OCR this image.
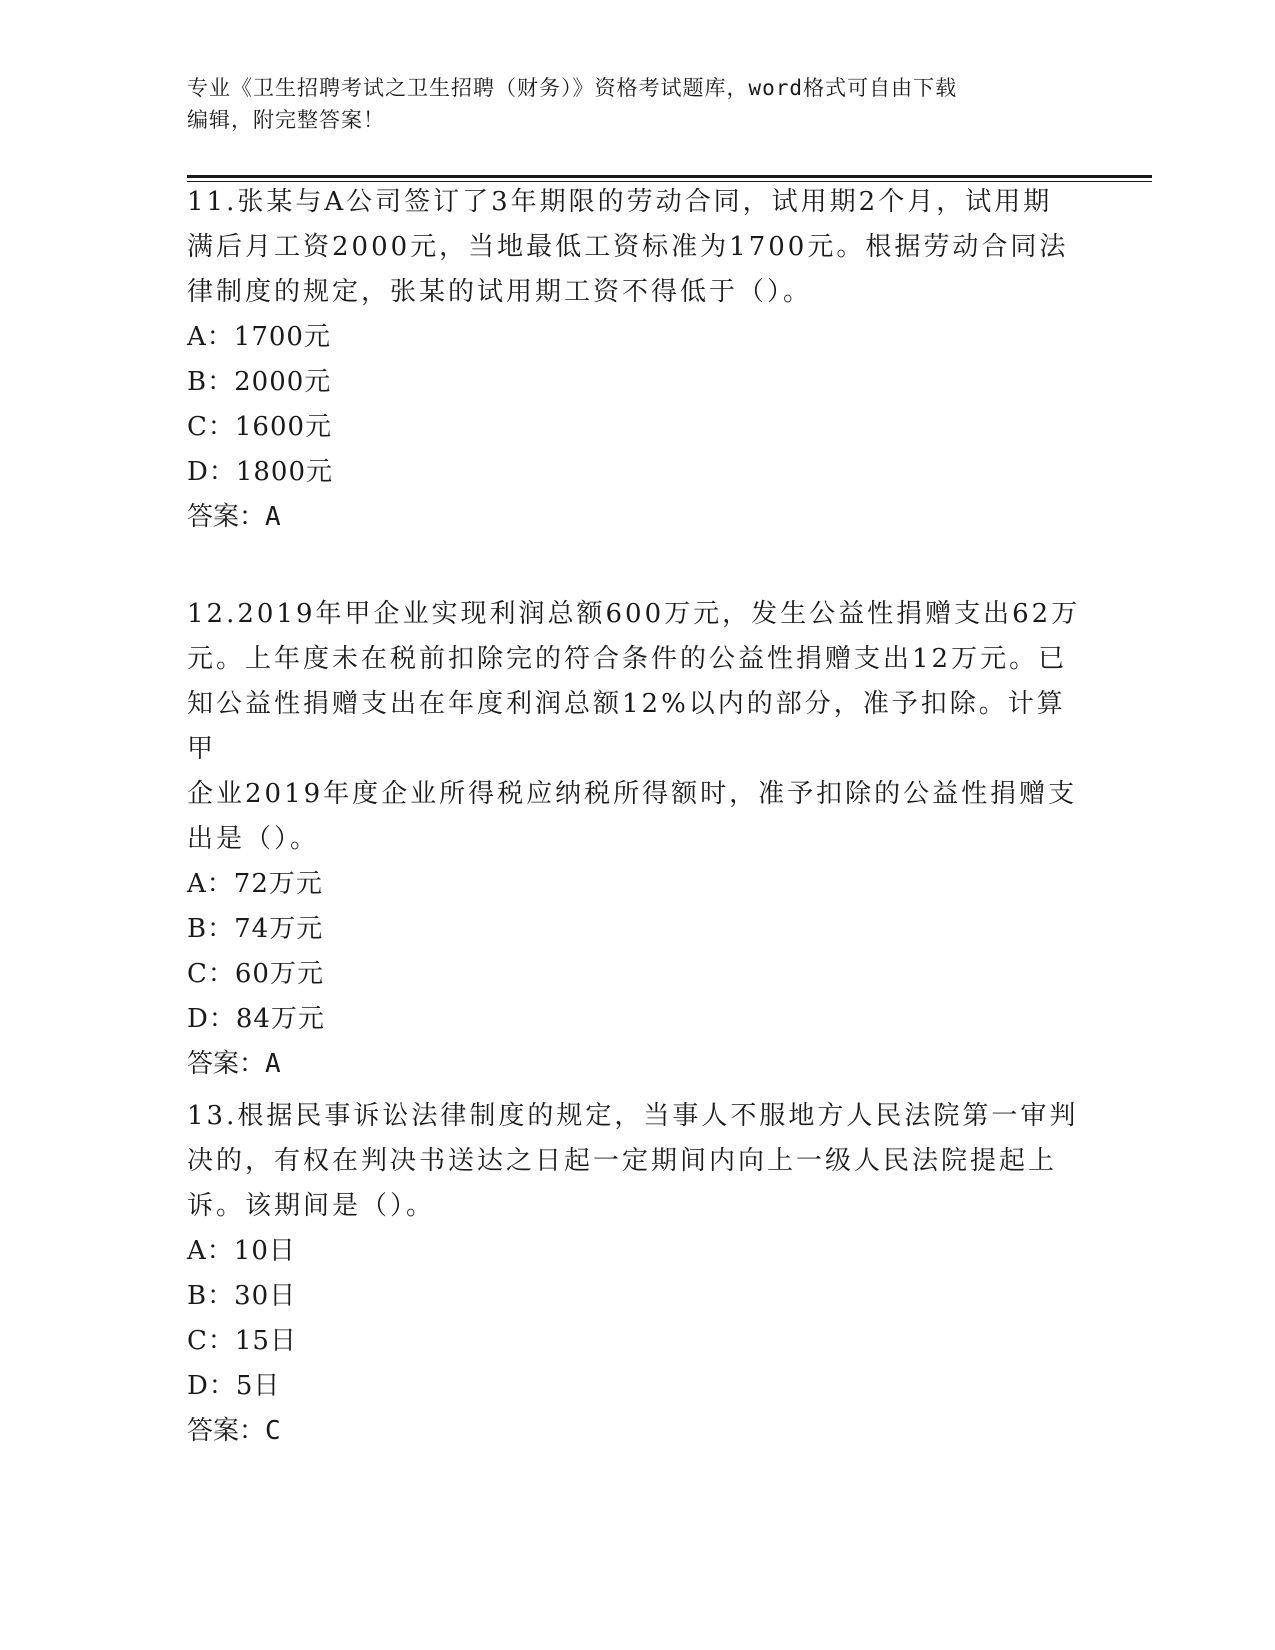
专业《卫生招聘考试之卫生招聘（财务）》资格考试题库，word格式可自由下载
编辑，附完整答案！
11.张某与A公司签订了3年期限的劳动合同，试用期2个月，试用期
满后月工资2000元，当地最低工资标准为1700元。根据劳动合同法
律制度的规定，张某的试用期工资不得低于（）。
A：1700元
B：2000元
C：1600元
D：1800元
答案：A
12.2019年甲企业实现利润总额600万元，发生公益性捐赠支出62万
元。上年度未在税前扣除完的符合条件的公益性捐赠支出12万元。已
知公益性捐赠支出在年度利润总额12%以内的部分，准予扣除。计算甲
企业2019年度企业所得税应纳税所得额时，准予扣除的公益性捐赠支
出是（）。
A：72万元
B：74万元
C：60万元
D：84万元
答案：A
13.根据民事诉讼法律制度的规定，当事人不服地方人民法院第一审判
决的，有权在判决书送达之日起一定期间内向上一级人民法院提起上
诉。该期间是（）。
A：10日
B：30日
C：15日
D：5日
答案：C
